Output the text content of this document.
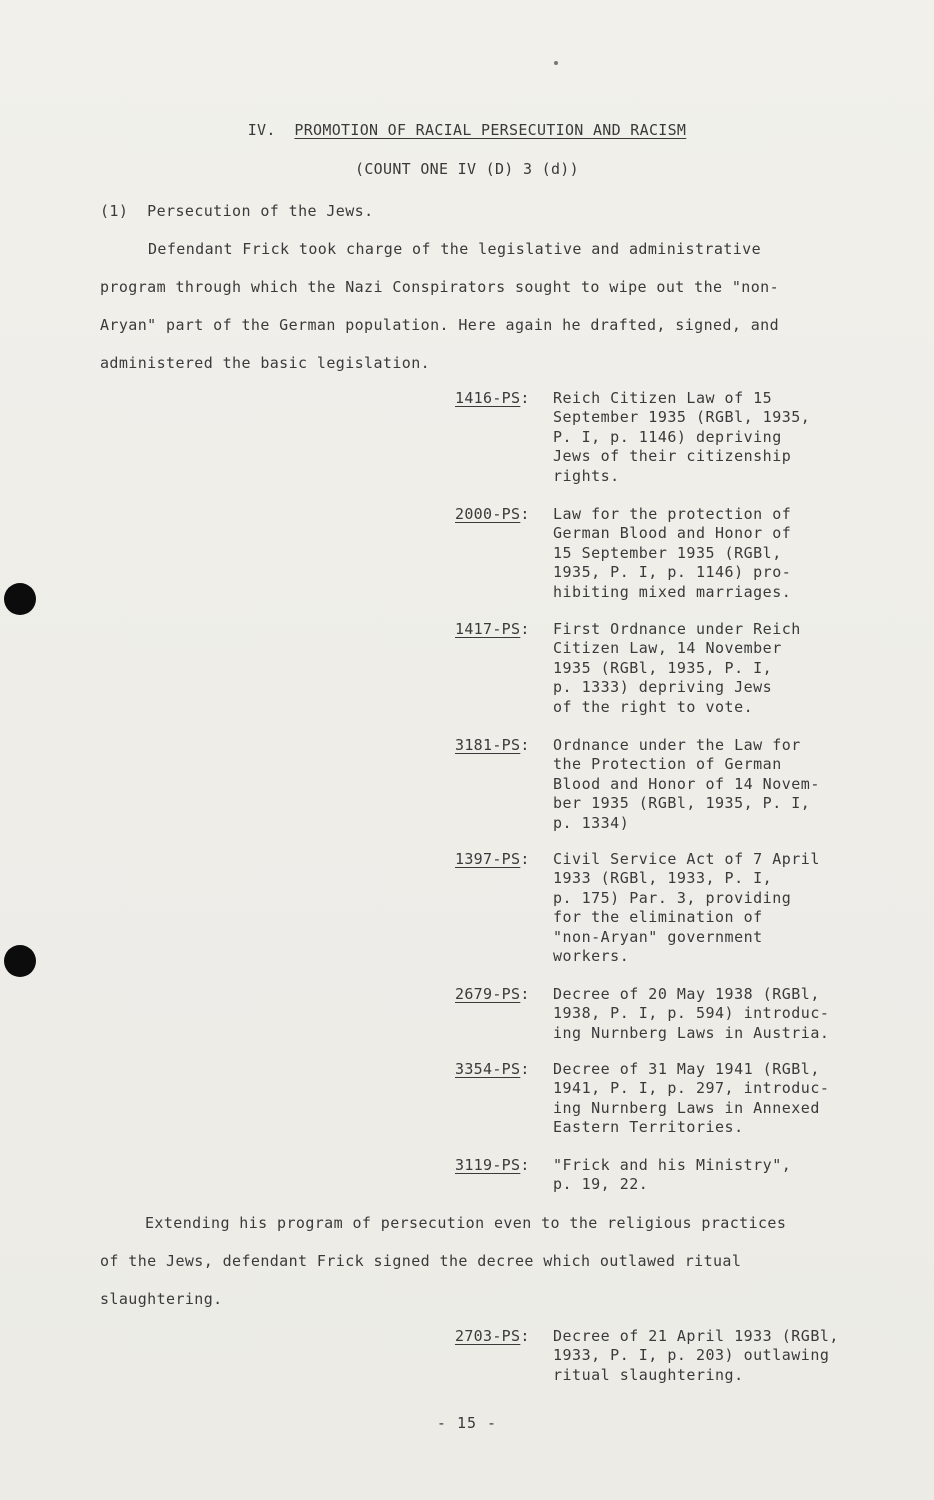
IV. PROMOTION OF RACIAL PERSECUTION AND RACISM
(COUNT ONE IV (D) 3 (d))
(1) Persecution of the Jews.
Defendant Frick took charge of the legislative and administrative
program through which the Nazi Conspirators sought to wipe out the "non-
Aryan" part of the German population. Here again he drafted, signed, and
administered the basic legislation.
1416-PS: Reich Citizen Law of 15
September 1935 (RGBl, 1935,
P. I, p. 1146) depriving
Jews of their citizenship
rights.
2000-PS: Law for the protection of
German Blood and Honor of
15 September 1935 (RGBl,
1935, P. I, p. 1146) pro-
hibiting mixed marriages.
1417-PS: First Ordnance under Reich
Citizen Law, 14 November
1935 (RGBl, 1935, P. I,
p. 1333) depriving Jews
of the right to vote.
3181-PS: Ordnance under the Law for
the Protection of German
Blood and Honor of 14 Novem-
ber 1935 (RGBl, 1935, P. I,
p. 1334)
1397-PS: Civil Service Act of 7 April
1933 (RGBl, 1933, P. I,
p. 175) Par. 3, providing
for the elimination of
"non-Aryan" government
workers.
2679-PS: Decree of 20 May 1938 (RGBl,
1938, P. I, p. 594) introduc-
ing Nurnberg Laws in Austria.
3354-PS: Decree of 31 May 1941 (RGBl,
1941, P. I, p. 297, introduc-
ing Nurnberg Laws in Annexed
Eastern Territories.
3119-PS: "Frick and his Ministry",
p. 19, 22.
Extending his program of persecution even to the religious practices
of the Jews, defendant Frick signed the decree which outlawed ritual
slaughtering.
2703-PS: Decree of 21 April 1933 (RGBl,
1933, P. I, p. 203) outlawing
ritual slaughtering.
- 15 -
